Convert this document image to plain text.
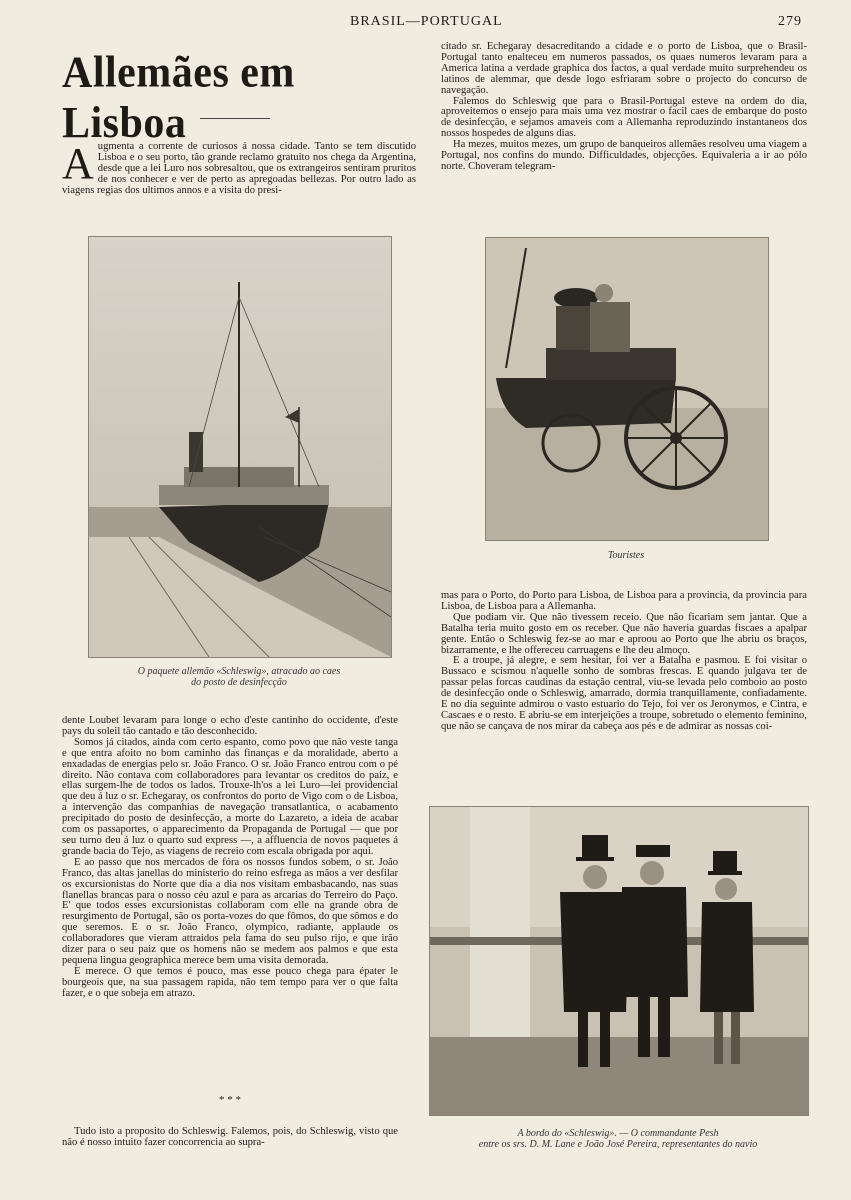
BRASIL—PORTUGAL	279
Allemães em Lisboa
A ugmenta a corrente de curiosos á nossa cidade. Tanto se tem discutido Lisboa e o seu porto, tão grande reclamo gratuito nos chega da Argentina, desde que a lei Luro nos sobresaltou, que os extrangeiros sentiram pruritos de nos conhecer e ver de perto as apregoadas bellezas. Por outro lado as viagens regias dos ultimos annos e a visita do presi-
O paquete allemão «Schleswig», atracado ao caes
do posto de desinfecção

citado sr. Echegaray desacreditando a cidade e o porto de Lisboa, que o Brasil-Portugal tanto enalteceu em numeros passados, os quaes numeros levaram para a America latina a verdade graphica dos factos, a qual verdade muito surprehendeu os latinos de alemmar, que desde logo esfriaram sobre o projecto do concurso de navegação.

Falemos do Schleswig que para o Brasil-Portugal esteve na ordem do dia, aproveitemos o ensejo para mais uma vez mostrar o facil caes de embarque do posto de desinfecção, e sejamos amaveis com a Allemanha reproduzindo instantaneos dos nossos hospedes de alguns dias.

Ha mezes, muitos mezes, um grupo de banqueiros allemães resolveu uma viagem a Portugal, nos confins do mundo. Difficuldades, objecções. Equivaleria a ir ao pólo norte. Choveram telegram-

Touristes

mas para o Porto, do Porto para Lisboa, de Lisboa para a provincia, da provincia para Lisboa, de Lisboa para a Allemanha.

Que podiam vir. Que não tivessem receio. Que não ficariam sem jantar. Que a Batalha teria muito gosto em os receber. Que não haveria guardas fiscaes a apalpar gente. Então o Schleswig fez-se ao mar e aproou ao Porto que lhe abriu os braços, bizarramente, e lhe offereceu carruagens e lhe deu almoço.

E a troupe, já alegre, e sem hesitar, foi ver a Batalha e pasmou. E foi visitar o Bussaco e scismou n'aquelle sonho de sombras frescas. E quando julgava ter de passar pelas forcas caudinas da estação central, viu-se levada pelo comboio ao posto de desinfecção onde o Schleswig, amarrado, dormia tranquillamente, confiadamente. E no dia seguinte admirou o vasto estuario do Tejo, foi ver os Jeronymos, e Cintra, e Cascaes e o resto. E abriu-se em interjeições a troupe, sobretudo o elemento feminino, que não se cançava de nos mirar da cabeça aos pés e de admirar as nossas coi-

dente Loubet levaram para longe o echo d'este cantinho do occidente, d'este pays du soleil tão cantado e tão desconhecido.

Somos já citados, ainda com certo espanto, como povo que não veste tanga e que entra afoito no bom caminho das finanças e da moralidade, aberto a enxadadas de energias pelo sr. João Franco. O sr. João Franco entrou com o pé direito. Não contava com collaboradores para levantar os creditos do paiz, e ellas surgem-lhe de todos os lados. Trouxe-lh'os a lei Luro—lei providencial que deu á luz o sr. Echegaray, os confrontos do porto de Vigo com o de Lisboa, a intervenção das companhias de navegação transatlantica, o acabamento precipitado do posto de desinfecção, a morte do Lazareto, a ideia de acabar com os passaportes, o apparecimento da Propaganda de Portugal — que por seu turno deu á luz o quarto sud express —, a affluencia de novos paquetes á grande bacia do Tejo, as viagens de recreio com escala obrigada por aqui.

E ao passo que nos mercados de fóra os nossos fundos sobem, o sr. João Franco, das altas janellas do ministerio do reino esfrega as mãos a ver desfilar os excursionistas do Norte que dia a dia nos visitam embasbacando, nas suas flanellas brancas para o nosso céu azul e para as arcarias do Terreiro do Paço. E' que todos esses excursionistas collaboram com elle na grande obra de resurgimento de Portugal, são os porta-vozes do que fômos, do que sômos e do que seremos. E o sr. João Franco, olympico, radiante, applaude os collaboradores que vieram attraidos pela fama do seu pulso rijo, e que irão dizer para o seu paiz que os homens não se medem aos palmos e que esta pequena lingua geographica merece bem uma visita demorada.

E merece. O que temos é pouco, mas esse pouco chega para épater le bourgeois que, na sua passagem rapida, não tem tempo para ver o que falta fazer, e o que sobeja em atrazo.

* * *

Tudo isto a proposito do Schleswig. Falemos, pois, do Schleswig, visto que não é nosso intuito fazer concorrencia ao supra-

A bordo do «Schleswig». — O commandante Pesh
entre os srs. D. M. Lane e João José Pereira, representantes do navio
